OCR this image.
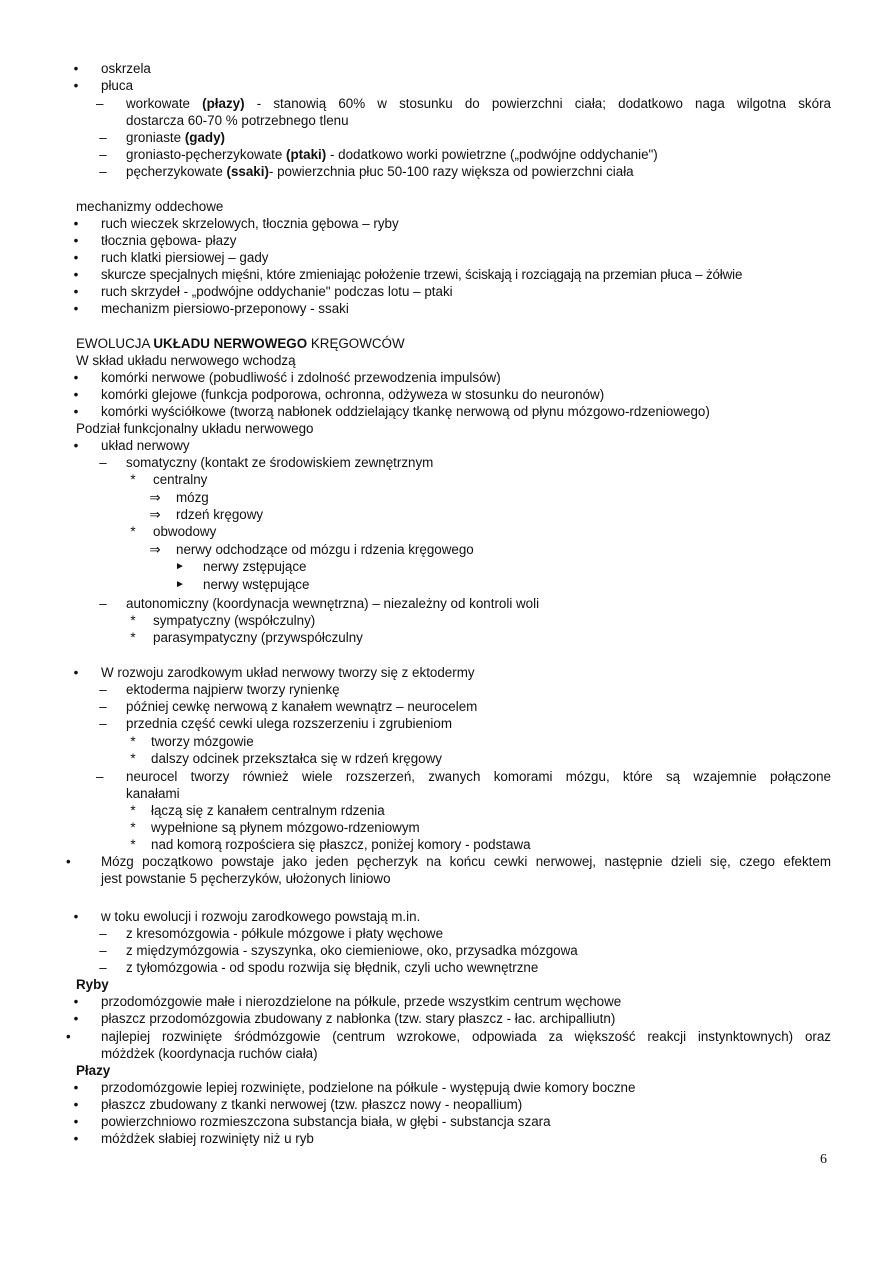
•	oskrzela
•	płuca
–	workowate (płazy) - stanowią 60% w stosunku do powierzchni ciała; dodatkowo naga wilgotna skóra
dostarcza 60-70 % potrzebnego tlenu
– groniaste (gady)
– groniasto-pęcherzykowate (ptaki) - dodatkowo worki powietrzne („podwójne oddychanie")
– pęcherzykowate (ssaki)- powierzchnia płuc 50-100 razy większa od powierzchni ciała
mechanizmy oddechowe
•	ruch wieczek skrzelowych, tłocznia gębowa – ryby
•	tłocznia gębowa- płazy
•	ruch klatki piersiowej – gady
•	skurcze specjalnych mięśni, które zmieniając położenie trzewi, ściskają i rozciągają na przemian płuca – żółwie
•	ruch skrzydeł - „podwójne oddychanie" podczas lotu – ptaki
•	mechanizm piersiowo-przeponowy - ssaki
EWOLUCJA UKŁADU NERWOWEGO KRĘGOWCÓW
W skład układu nerwowego wchodzą
•	komórki nerwowe (pobudliwość i zdolność przewodzenia impulsów)
•	komórki glejowe (funkcja podporowa, ochronna, odżyweza w stosunku do neuronów)
•	komórki wyściółkowe (tworzą nabłonek oddzielający tkankę nerwową od płynu mózgowo-rdzeniowego)
Podział funkcjonalny układu nerwowego
•	układ nerwowy
– somatyczny (kontakt ze środowiskiem zewnętrznym
*	centralny
⇒ mózg
⇒ rdzeń kręgowy
*	obwodowy
⇒ nerwy odchodzące od mózgu i rdzenia kręgowego
► nerwy zstępujące
► nerwy wstępujące
– autonomiczny (koordynacja wewnętrzna) – niezależny od kontroli woli
*	sympatyczny (współczulny)
*	parasympatyczny (przywspółczulny
•	W rozwoju zarodkowym układ nerwowy tworzy się z ektodermy
– ektoderma najpierw tworzy rynienkę
– później cewkę nerwową z kanałem wewnątrz – neurocelem
– przednia część cewki ulega rozszerzeniu i zgrubieniom
*	tworzy mózgowie
*	dalszy odcinek przekształca się w rdzeń kręgowy
–	neurocel tworzy również wiele rozszerzeń, zwanych komorami mózgu, które są wzajemnie połączone
kanałami
*	łączą się z kanałem centralnym rdzenia
*	wypełnione są płynem mózgowo-rdzeniowym
*	nad komorą rozpościera się płaszcz, poniżej komory - podstawa
•	Mózg początkowo powstaje jako jeden pęcherzyk na końcu cewki nerwowej, następnie dzieli się, czego efektem
jest powstanie 5 pęcherzyków, ułożonych liniowo
•	w toku ewolucji i rozwoju zarodkowego powstają m.in.
– z kresomózgowia - półkule mózgowe i płaty węchowe
– z międzymózgowia - szyszynka, oko ciemieniowe, oko, przysadka mózgowa
– z tyłomózgowia - od spodu rozwija się błędnik, czyli ucho wewnętrzne
Ryby
•	przodomózgowie małe i nierozdzielone na półkule, przede wszystkim centrum węchowe
•	płaszcz przodomózgowia zbudowany z nabłonka (tzw. stary płaszcz - łac. archipalliutn)
•	najlepiej rozwinięte śródmózgowie (centrum wzrokowe, odpowiada za większość reakcji instynktownych) oraz
móżdżek (koordynacja ruchów ciała)
Płazy
•	przodomózgowie lepiej rozwinięte, podzielone na półkule - występują dwie komory boczne
•	płaszcz zbudowany z tkanki nerwowej (tzw. płaszcz nowy - neopallium)
•	powierzchniowo rozmieszczona substancja biała, w głębi - substancja szara
•	móżdżek słabiej rozwinięty niż u ryb
6
